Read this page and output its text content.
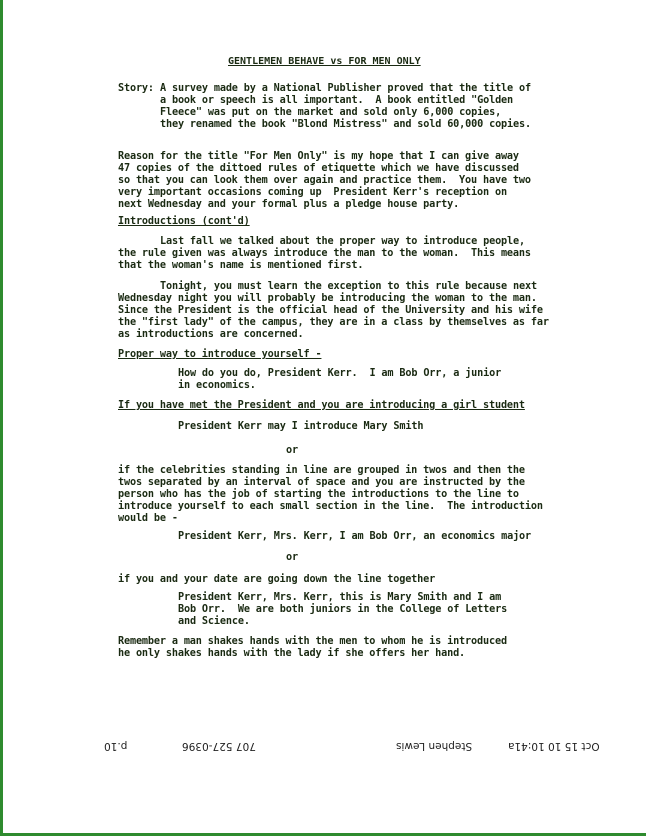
GENTLEMEN BEHAVE vs FOR MEN ONLY
Story: A survey made by a National Publisher proved that the title of
a book or speech is all important.  A book entitled "Golden
Fleece" was put on the market and sold only 6,000 copies,
they renamed the book "Blond Mistress" and sold 60,000 copies.
Reason for the title "For Men Only" is my hope that I can give away
47 copies of the dittoed rules of etiquette which we have discussed
so that you can look them over again and practice them.  You have two
very important occasions coming up  President Kerr's reception on
next Wednesday and your formal plus a pledge house party.
Introductions (cont'd)
Last fall we talked about the proper way to introduce people,
the rule given was always introduce the man to the woman.  This means
that the woman's name is mentioned first.
Tonight, you must learn the exception to this rule because next
Wednesday night you will probably be introducing the woman to the man.
Since the President is the official head of the University and his wife
the "first lady" of the campus, they are in a class by themselves as far
as introductions are concerned.
Proper way to introduce yourself -
How do you do, President Kerr.  I am Bob Orr, a junior
in economics.
If you have met the President and you are introducing a girl student
President Kerr may I introduce Mary Smith
or
if the celebrities standing in line are grouped in twos and then the
twos separated by an interval of space and you are instructed by the
person who has the job of starting the introductions to the line to
introduce yourself to each small section in the line.  The introduction
would be -
President Kerr, Mrs. Kerr, I am Bob Orr, an economics major
or
if you and your date are going down the line together
President Kerr, Mrs. Kerr, this is Mary Smith and I am
Bob Orr.  We are both juniors in the College of Letters
and Science.
Remember a man shakes hands with the men to whom he is introduced
he only shakes hands with the lady if she offers her hand.
Oct 15 10 10:41a
Stephen Lewis
707 527-0396
p.10
